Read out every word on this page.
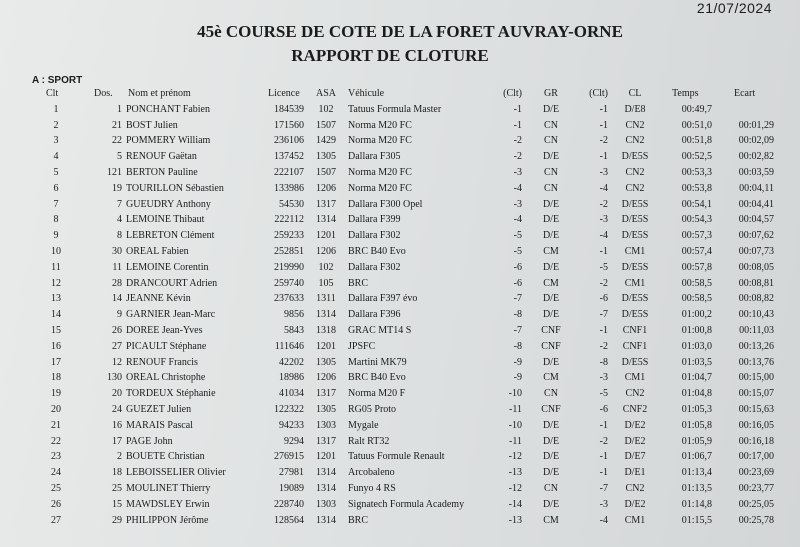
21/07/2024
45è COURSE DE COTE DE LA FORET AUVRAY-ORNE
RAPPORT DE CLOTURE
A : SPORT
Clt	Dos.	Nom et prénom	Licence	ASA	Véhicule	(Clt)	GR	(Clt)	CL	Temps	Ecart
1	1 PONCHANT Fabien	184539	102	Tatuus Formula Master	-1	D/E	-1	D/E8	00:49,7
2	21 BOST Julien	171560	1507	Norma M20 FC	-1	CN	-1	CN2	00:51,0	00:01,29
3	22 POMMERY William	236106	1429	Norma M20 FC	-2	CN	-2	CN2	00:51,8	00:02,09
4	5 RENOUF Gaëtan	137452	1305	Dallara F305	-2	D/E	-1	D/E5S	00:52,5	00:02,82
5	121 BERTON Pauline	222107	1507	Norma M20 FC	-3	CN	-3	CN2	00:53,3	00:03,59
6	19 TOURILLON Sébastien	133986	1206	Norma M20 FC	-4	CN	-4	CN2	00:53,8	00:04,11
7	7 GUEUDRY Anthony	54530	1317	Dallara F300 Opel	-3	D/E	-2	D/E5S	00:54,1	00:04,41
8	4 LEMOINE Thibaut	222112	1314	Dallara F399	-4	D/E	-3	D/E5S	00:54,3	00:04,57
9	8 LEBRETON Clément	259233	1201	Dallara F302	-5	D/E	-4	D/E5S	00:57,3	00:07,62
10	30 OREAL Fabien	252851	1206	BRC B40 Evo	-5	CM	-1	CM1	00:57,4	00:07,73
11	11 LEMOINE Corentin	219990	102	Dallara F302	-6	D/E	-5	D/E5S	00:57,8	00:08,05
12	28 DRANCOURT Adrien	259740	105	BRC	-6	CM	-2	CM1	00:58,5	00:08,81
13	14 JEANNE Kévin	237633	1311	Dallara F397 évo	-7	D/E	-6	D/E5S	00:58,5	00:08,82
14	9 GARNIER Jean-Marc	9856	1314	Dallara F396	-8	D/E	-7	D/E5S	01:00,2	00:10,43
15	26 DOREE Jean-Yves	5843	1318	GRAC MT14 S	-7	CNF	-1	CNF1	01:00,8	00:11,03
16	27 PICAULT Stéphane	111646	1201	JPSFC	-8	CNF	-2	CNF1	01:03,0	00:13,26
17	12 RENOUF Francis	42202	1305	Martini MK79	-9	D/E	-8	D/E5S	01:03,5	00:13,76
18	130 OREAL Christophe	18986	1206	BRC B40 Evo	-9	CM	-3	CM1	01:04,7	00:15,00
19	20 TORDEUX Stéphanie	41034	1317	Norma M20 F	-10	CN	-5	CN2	01:04,8	00:15,07
20	24 GUEZET Julien	122322	1305	RG05 Proto	-11	CNF	-6	CNF2	01:05,3	00:15,63
21	16 MARAIS Pascal	94233	1303	Mygale	-10	D/E	-1	D/E2	01:05,8	00:16,05
22	17 PAGE John	9294	1317	Ralt RT32	-11	D/E	-2	D/E2	01:05,9	00:16,18
23	2 BOUETE Christian	276915	1201	Tatuus Formule Renault	-12	D/E	-1	D/E7	01:06,7	00:17,00
24	18 LEBOISSELIER Olivier	27981	1314	Arcobaleno	-13	D/E	-1	D/E1	01:13,4	00:23,69
25	25 MOULINET Thierry	19089	1314	Funyo 4 RS	-12	CN	-7	CN2	01:13,5	00:23,77
26	15 MAWDSLEY Erwin	228740	1303	Signatech Formula Academy	-14	D/E	-3	D/E2	01:14,8	00:25,05
27	29 PHILIPPON Jérôme	128564	1314	BRC	-13	CM	-4	CM1	01:15,5	00:25,78
